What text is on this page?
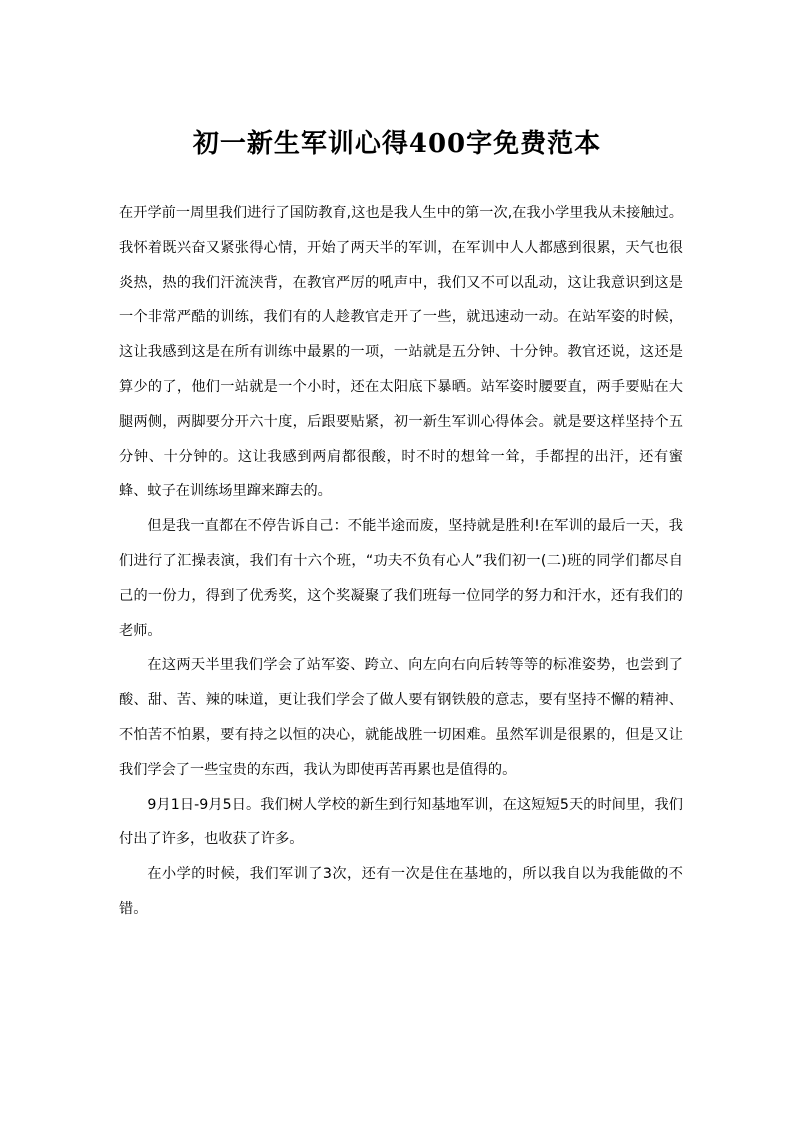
初一新生军训心得400字免费范本

在开学前一周里我们进行了国防教育,这也是我人生中的第一次,在我小学里我从未接触过。我怀着既兴奋又紧张得心情，开始了两天半的军训，在军训中人人都感到很累，天气也很炎热，热的我们汗流浃背，在教官严厉的吼声中，我们又不可以乱动，这让我意识到这是一个非常严酷的训练，我们有的人趁教官走开了一些，就迅速动一动。在站军姿的时候，这让我感到这是在所有训练中最累的一项，一站就是五分钟、十分钟。教官还说，这还是算少的了，他们一站就是一个小时，还在太阳底下暴晒。站军姿时腰要直，两手要贴在大腿两侧，两脚要分开六十度，后跟要贴紧，初一新生军训心得体会。就是要这样坚持个五分钟、十分钟的。这让我感到两肩都很酸，时不时的想耸一耸，手都捏的出汗，还有蜜蜂、蚊子在训练场里蹿来蹿去的。

但是我一直都在不停告诉自己：不能半途而废，坚持就是胜利!在军训的最后一天，我们进行了汇操表演，我们有十六个班，“功夫不负有心人”我们初一(二)班的同学们都尽自己的一份力，得到了优秀奖，这个奖凝聚了我们班每一位同学的努力和汗水，还有我们的老师。

在这两天半里我们学会了站军姿、跨立、向左向右向后转等等的标准姿势，也尝到了酸、甜、苦、辣的味道，更让我们学会了做人要有钢铁般的意志，要有坚持不懈的精神、不怕苦不怕累，要有持之以恒的决心，就能战胜一切困难。虽然军训是很累的，但是又让我们学会了一些宝贵的东西，我认为即使再苦再累也是值得的。

9月1日-9月5日。我们树人学校的新生到行知基地军训，在这短短5天的时间里，我们付出了许多，也收获了许多。

在小学的时候，我们军训了3次，还有一次是住在基地的，所以我自以为我能做的不错。
